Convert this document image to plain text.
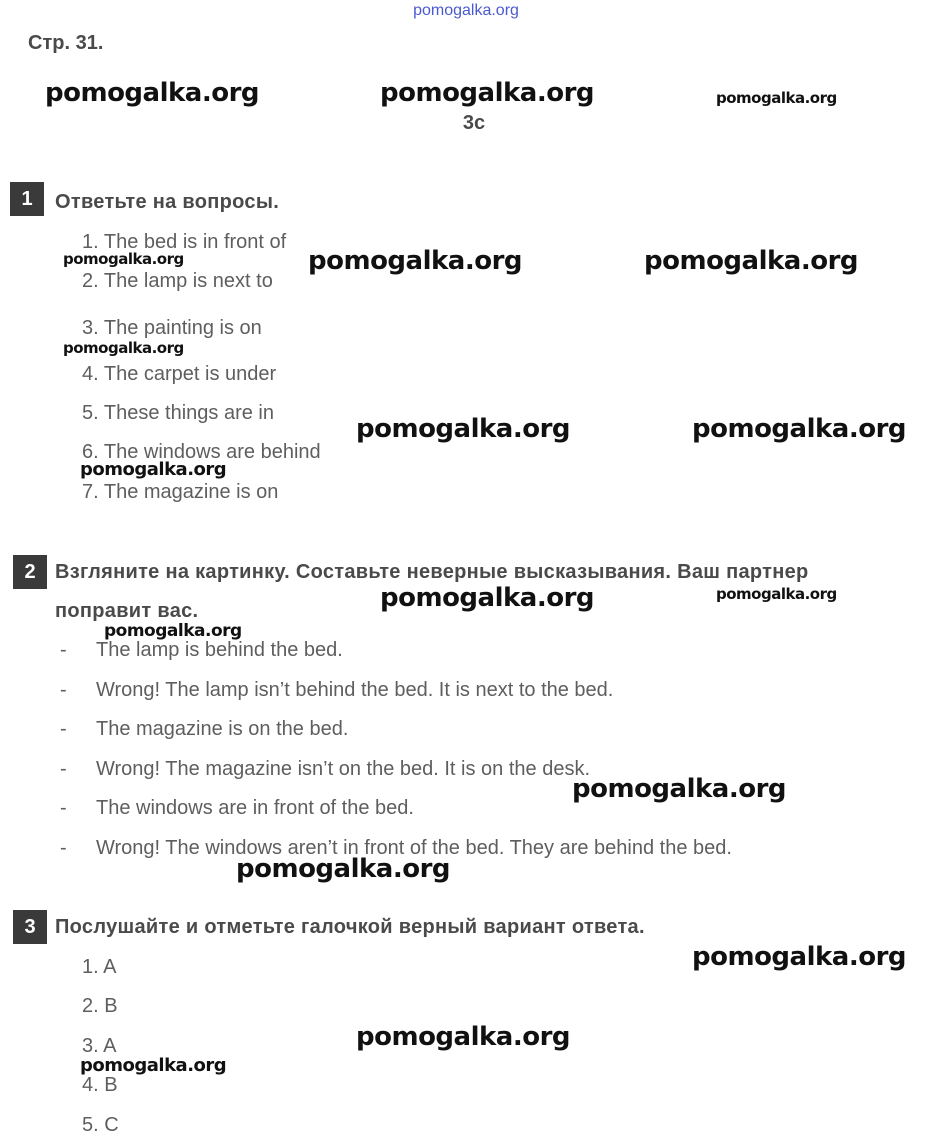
pomogalka.org
Стр. 31.
3c
1	Ответьте на вопросы.
1. The bed is in front of
2. The lamp is next to
3. The painting is on
4. The carpet is under
5. These things are in
6. The windows are behind
7. The magazine is on
2 Взгляните на картинку. Составьте неверные высказывания. Ваш партнер
поправит вас.
- The lamp is behind the bed.
- Wrong! The lamp isn’t behind the bed. It is next to the bed.
- The magazine is on the bed.
- Wrong! The magazine isn’t on the bed. It is on the desk.
- The windows are in front of the bed.
- Wrong! The windows aren’t in front of the bed. They are behind the bed.
3 Послушайте и отметьте галочкой верный вариант ответа.
1. A
2. B
3. A
4. B
5. C
pomogalka.org	pomogalka.org	pomogalka.org
pomogalka.org	pomogalka.org	pomogalka.org
pomogalka.org
pomogalka.org	pomogalka.org
pomogalka.org
pomogalka.org	pomogalka.org
pomogalka.org
pomogalka.org
pomogalka.org
pomogalka.org
pomogalka.org
pomogalka.org
